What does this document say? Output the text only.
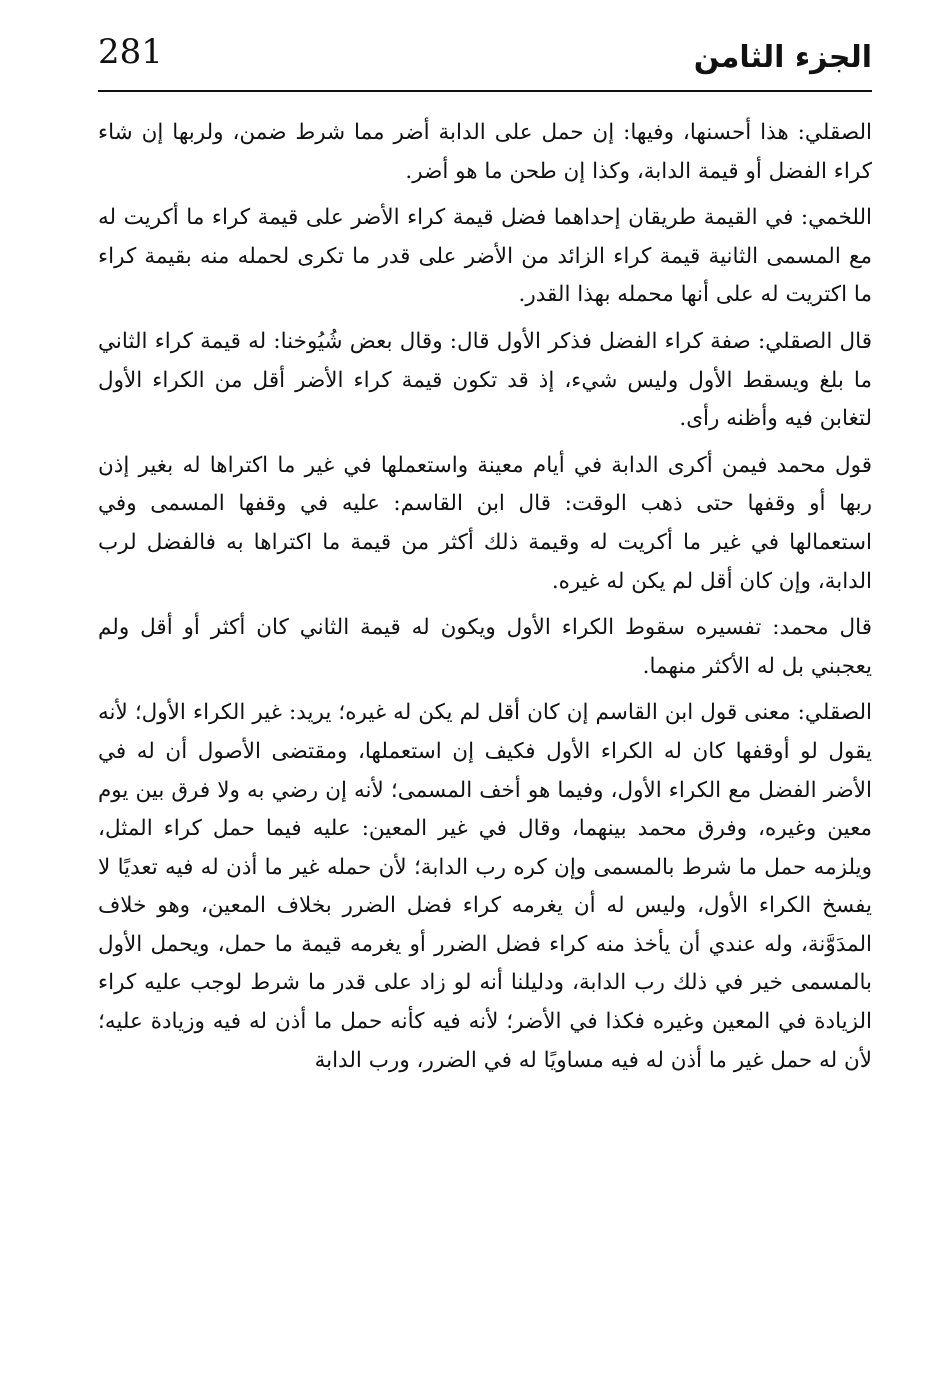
281	الجزء الثامن

الصقلي: هذا أحسنها، وفيها: إن حمل على الدابة أضر مما شرط ضمن، ولربها إن شاء كراء الفضل أو قيمة الدابة، وكذا إن طحن ما هو أضر.

اللخمي: في القيمة طريقان إحداهما فضل قيمة كراء الأضر على قيمة كراء ما أكريت له مع المسمى الثانية قيمة كراء الزائد من الأضر على قدر ما تكرى لحمله منه بقيمة كراء ما اكتريت له على أنها محمله بهذا القدر.

قال الصقلي: صفة كراء الفضل فذكر الأول قال: وقال بعض شُيُوخنا: له قيمة كراء الثاني ما بلغ ويسقط الأول وليس شيء، إذ قد تكون قيمة كراء الأضر أقل من الكراء الأول لتغابن فيه وأظنه رأى.

قول محمد فيمن أكرى الدابة في أيام معينة واستعملها في غير ما اكتراها له بغير إذن ربها أو وقفها حتى ذهب الوقت: قال ابن القاسم: عليه في وقفها المسمى وفي استعمالها في غير ما أكريت له وقيمة ذلك أكثر من قيمة ما اكتراها به فالفضل لرب الدابة، وإن كان أقل لم يكن له غيره.

قال محمد: تفسيره سقوط الكراء الأول ويكون له قيمة الثاني كان أكثر أو أقل ولم يعجبني بل له الأكثر منهما.

الصقلي: معنى قول ابن القاسم إن كان أقل لم يكن له غيره؛ يريد: غير الكراء الأول؛ لأنه يقول لو أوقفها كان له الكراء الأول فكيف إن استعملها، ومقتضى الأصول أن له في الأضر الفضل مع الكراء الأول، وفيما هو أخف المسمى؛ لأنه إن رضي به ولا فرق بين يوم معين وغيره، وفرق محمد بينهما، وقال في غير المعين: عليه فيما حمل كراء المثل، ويلزمه حمل ما شرط بالمسمى وإن كره رب الدابة؛ لأن حمله غير ما أذن له فيه تعديًا لا يفسخ الكراء الأول، وليس له أن يغرمه كراء فضل الضرر بخلاف المعين، وهو خلاف المدَوَّنة، وله عندي أن يأخذ منه كراء فضل الضرر أو يغرمه قيمة ما حمل، ويحمل الأول بالمسمى خير في ذلك رب الدابة، ودليلنا أنه لو زاد على قدر ما شرط لوجب عليه كراء الزيادة في المعين وغيره فكذا في الأضر؛ لأنه فيه كأنه حمل ما أذن له فيه وزيادة عليه؛ لأن له حمل غير ما أذن له فيه مساويًا له في الضرر، ورب الدابة
